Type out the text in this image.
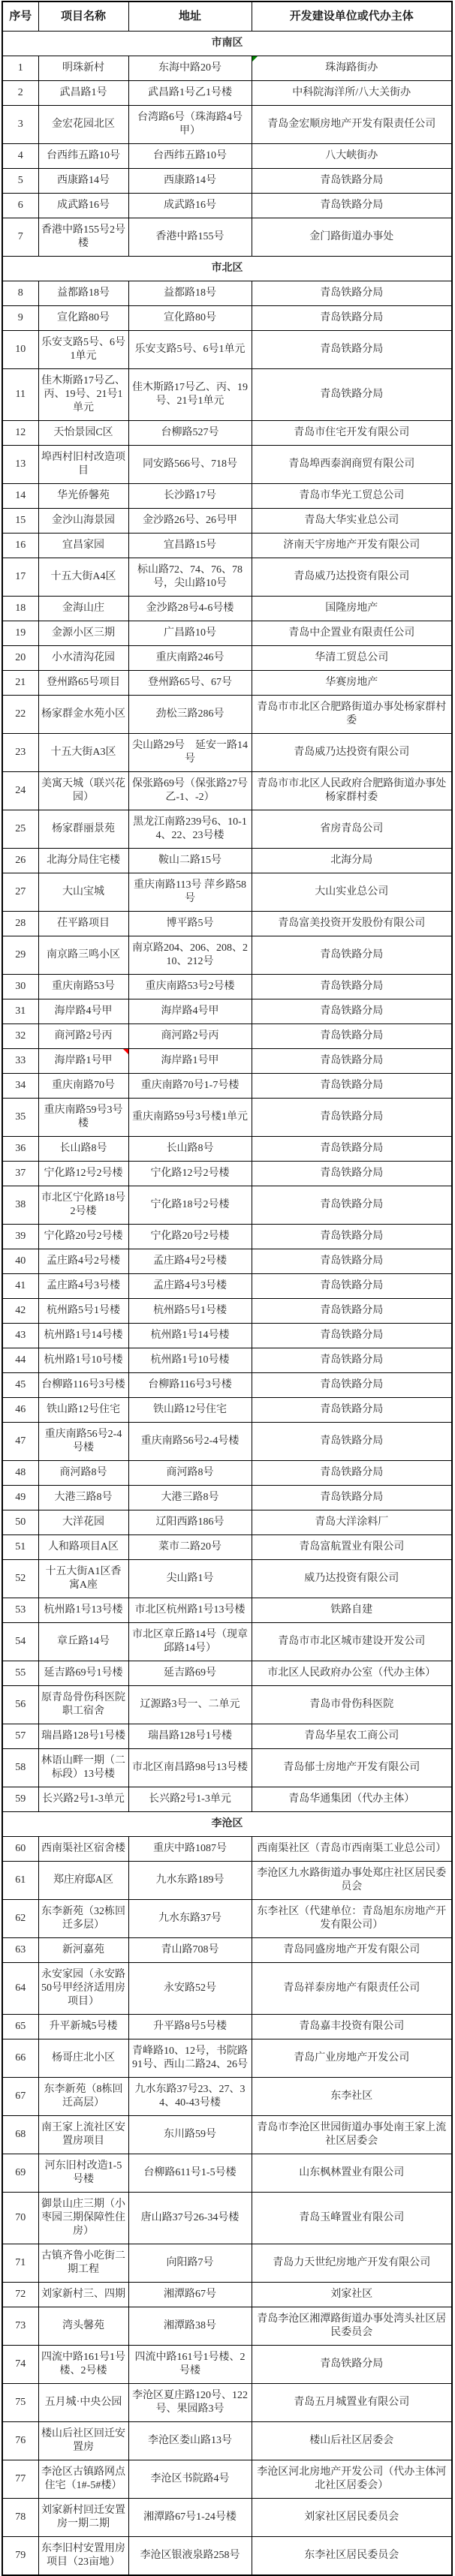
序号	项目名称	地址	开发建设单位或代办主体
市南区			
1	明珠新村	东海中路20号	珠海路街办

2	武昌路1号	武昌路1号乙1号楼	中科院海洋所/八大关街办
3	金宏花园北区	台湾路6号（珠海路4号甲）	青岛金宏顺房地产开发有限责任公司
4	台西纬五路10号	台西纬五路10号	八大峡街办
5	西康路14号	西康路14号	青岛铁路分局
6	成武路16号	成武路16号	青岛铁路分局
7	香港中路155号2号楼	香港中路155号	金门路街道办事处
市北区			
8	益都路18号	益都路18号	青岛铁路分局
9	宣化路80号	宣化路80号	青岛铁路分局
10	乐安支路5号、6号1单元	乐安支路5号、6号1单元	青岛铁路分局
11	佳木斯路17号乙、丙、19号、21号1单元	佳木斯路17号乙、丙、19号、21号1单元	青岛铁路分局
12	天怡景园C区	台柳路527号	青岛市住宅开发有限公司
13	埠西村旧村改造项目	同安路566号、718号	青岛埠西泰润商贸有限公司
14	华光侨馨苑	长沙路17号	青岛市华光工贸总公司
15	金沙山海景园	金沙路26号、26号甲	青岛大华实业总公司
16	宜昌家园	宜昌路15号	济南天宇房地产开发有限公司
17	十五大街A4区	标山路72、74、76、78号，尖山路10号	青岛威乃达投资有限公司
18	金海山庄	金沙路28号4-6号楼	国隆房地产
19	金源小区三期	广昌路10号	青岛中企置业有限责任公司
20	小水清沟花园	重庆南路246号	华清工贸总公司
21	登州路65号项目	登州路65号、67号	华赛房地产
22	杨家群金水苑小区	劲松三路286号	青岛市市北区合肥路街道办事处杨家群村委
23	十五大街A3区	尖山路29号　延安一路14号	青岛威乃达投资有限公司
24	美寓天城（联兴花园）	保张路69号（保张路27号乙-1、-2）	青岛市市北区人民政府合肥路街道办事处杨家群村委
25	杨家群丽景苑	黑龙江南路239号6、10-14、22、23号楼	省房青岛公司
26	北海分局住宅楼	鞍山二路15号	北海分局
27	大山宝城	重庆南路113号 萍乡路58号	大山实业总公司
28	茌平路项目	博平路5号	青岛富美投资开发股份有限公司
29	南京路三鸣小区	南京路204、206、208、210、212号	青岛铁路分局
30	重庆南路53号	重庆南路53号2号楼	青岛铁路分局
31	海岸路4号甲	海岸路4号甲	青岛铁路分局
32	商河路2号丙	商河路2号丙	青岛铁路分局
33	海岸路1号甲	海岸路1号甲	青岛铁路分局
34	重庆南路70号	重庆南路70号1-7号楼	青岛铁路分局
35	重庆南路59号3号楼	重庆南路59号3号楼1单元	青岛铁路分局
36	长山路8号	长山路8号	青岛铁路分局
37	宁化路12号2号楼	宁化路12号2号楼	青岛铁路分局
38	市北区宁化路18号2号楼	宁化路18号2号楼	青岛铁路分局
39	宁化路20号2号楼	宁化路20号2号楼	青岛铁路分局
40	孟庄路4号2号楼	孟庄路4号2号楼	青岛铁路分局
41	孟庄路4号3号楼	孟庄路4号3号楼	青岛铁路分局
42	杭州路5号1号楼	杭州路5号1号楼	青岛铁路分局
43	杭州路1号14号楼	杭州路1号14号楼	青岛铁路分局
44	杭州路1号10号楼	杭州路1号10号楼	青岛铁路分局
45	台柳路116号3号楼	台柳路116号3号楼	青岛铁路分局
46	铁山路12号住宅	铁山路12号住宅	青岛铁路分局
47	重庆南路56号2-4号楼	重庆南路56号2-4号楼	青岛铁路分局
48	商河路8号	商河路8号	青岛铁路分局
49	大港三路8号	大港三路8号	青岛铁路分局
50	大洋花园	辽阳西路186号	青岛大洋涂料厂
51	人和路项目A区	菜市二路20号	青岛富航置业有限公司
52	十五大街A1区香寓A座	尖山路1号	威乃达投资有限公司
53	杭州路1号13号楼	市北区杭州路1号13号楼	铁路自建
54	章丘路14号	市北区章丘路14号（现章邱路14号）	青岛市市北区城市建设开发公司
55	延吉路69号1号楼	延吉路69号	市北区人民政府办公室（代办主体）
56	原青岛骨伤科医院职工宿舍	辽源路3号一、二单元	青岛市骨伤科医院
57	瑞昌路128号1号楼	瑞昌路128号1号楼	青岛华星农工商公司
58	林语山畔一期（二标段）13号楼	市北区南昌路98号13号楼	青岛郁士房地产开发有限公司
59	长兴路2号1-3单元	长兴路2号1-3单元	青岛华通集团（代办主体）
李沧区			
60	西南渠社区宿舍楼	重庆中路1087号	西南渠社区（青岛市西南渠工业总公司）
61	郑庄府邸A区	九水东路189号	李沧区九水路街道办事处郑庄社区居民委员会
62	东李新苑（32栋回迁多层）	九水东路37号	东李社区（代建单位：青岛旭东房地产开发有限公司）
63	新河嘉苑	青山路708号	青岛同盛房地产开发有限公司
64	永安家园（永安路50号甲经济适用房项目）	永安路52号	青岛祥泰房地产有限责任公司
65	升平新城5号楼	升平路8号5号楼	青岛嘉丰投资有限公司
66	杨哥庄北小区	青峰路10、12号，书院路91号、西山二路24、26号	青岛广业房地产开发公司
67	东李新苑（8栋回迁高层）	九水东路37号23、27、34、40-43号楼	东李社区
68	南王家上流社区安置房项目	东川路59号	青岛市李沧区世园街道办事处南王家上流社区居委会
69	河东旧村改造1-5号楼	台柳路611号1-5号楼	山东枫林置业有限公司
70	御景山庄三期（小枣园三期保障性住房）	唐山路37号26-34号楼	青岛玉峰置业有限公司
71	古镇齐鲁小吃街二期工程	向阳路7号	青岛力天世纪房地产开发有限公司
72	刘家新村三、四期	湘潭路67号	刘家社区
73	湾头馨苑	湘潭路38号	青岛李沧区湘潭路街道办事处湾头社区居民委员会
74	四流中路161号1号楼、2号楼	四流中路161号1号楼、2号楼	青岛铁路分局
75	五月城·中央公园	李沧区夏庄路120号、122号、果园路3号	青岛五月城置业有限公司
76	楼山后社区回迁安置房	李沧区娄山路13号	楼山后社区居委会
77	李沧区古镇路网点住宅（1#-5#楼）	李沧区书院路4号	李沧区河北房地产开发公司（代办主体河北社区居委会）
78	刘家新村回迁安置房一期二期	湘潭路67号1-24号楼	刘家社区居民委员会
79	东李旧村安置用房项目（23亩地）	李沧区银液泉路258号	东李社区居民委员会
